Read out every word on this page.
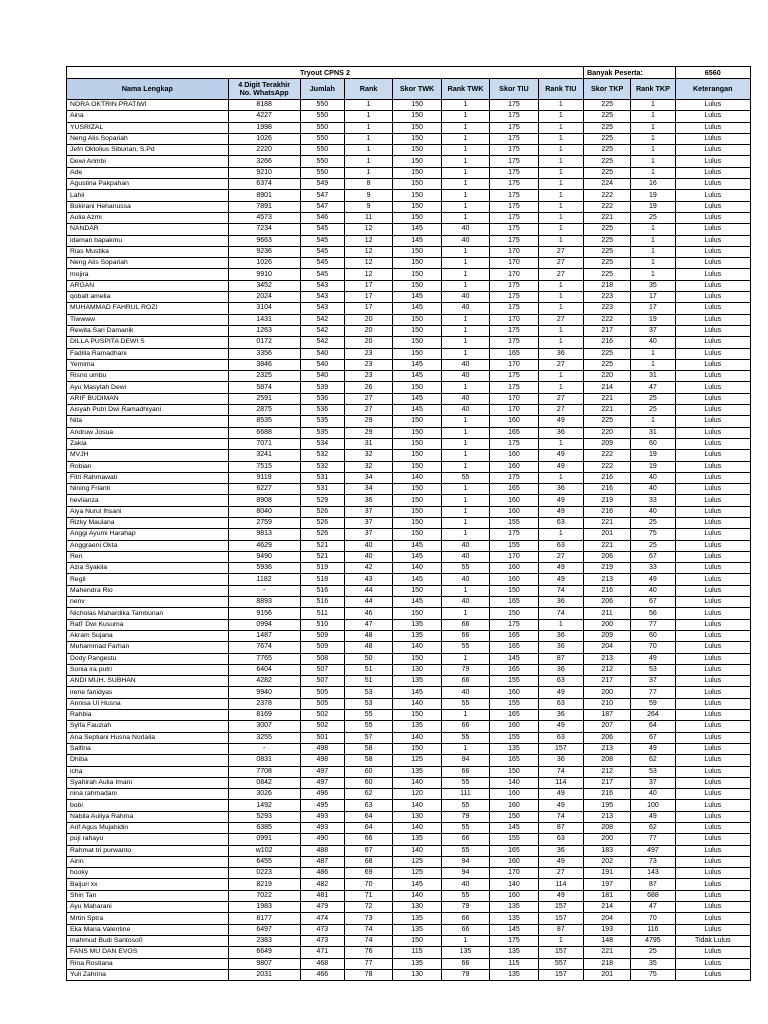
Tryout CPNS 2								Banyak Peserta:		6560
Nama Lengkap	4 Digit Terakhir No. WhatsApp	Jumlah	Rank	Skor TWK	Rank TWK	Skor TIU	Rank TIU	Skor TKP	Rank TKP	Keterangan
NORA OKTRIN PRATIWI	8188	550	1	150	1	175	1	225	1	Lulus
Aina	4227	550	1	150	1	175	1	225	1	Lulus
YUSRIZAL	1998	550	1	150	1	175	1	225	1	Lulus
Neng Alis Sopariah	1026	550	1	150	1	175	1	225	1	Lulus
Jefri Oktolius Siburian, S.Pd	2220	550	1	150	1	175	1	225	1	Lulus
Dewi Arimbi	3266	550	1	150	1	175	1	225	1	Lulus
Ade	9210	550	1	150	1	175	1	225	1	Lulus
Agustina Pakpahan	6374	549	8	150	1	175	1	224	16	Lulus
Lahii	8901	547	9	150	1	175	1	222	19	Lulus
Bokirani Hehanussa	7891	547	9	150	1	175	1	222	19	Lulus
Aulia Azmi	4573	546	11	150	1	175	1	221	25	Lulus
NANDAR	7234	545	12	145	40	175	1	225	1	Lulus
idaman bapakmu	9663	545	12	145	40	175	1	225	1	Lulus
Rias Mustika	9236	545	12	150	1	170	27	225	1	Lulus
Neng Alis Sopariah	1026	545	12	150	1	170	27	225	1	Lulus
mojira	9910	545	12	150	1	170	27	225	1	Lulus
ARGAN	3452	543	17	150	1	175	1	218	35	Lulus
qobalt amelia	2024	543	17	145	40	175	1	223	17	Lulus
MUHAMMAD FAHRUL ROZI	3104	543	17	145	40	175	1	223	17	Lulus
Tiwwww	1431	542	20	150	1	170	27	222	19	Lulus
Rewita Sari Damanik	1263	542	20	150	1	175	1	217	37	Lulus
DILLA PUSPITA DEWI S	0172	542	20	150	1	175	1	216	40	Lulus
Fadilla Ramadhani	3356	540	23	150	1	165	36	225	1	Lulus
Yemima	3846	540	23	145	40	170	27	225	1	Lulus
Risno umbu	2325	540	23	145	40	175	1	220	31	Lulus
Ayu Masytah Dewi	5874	539	26	150	1	175	1	214	47	Lulus
ARIF BUDIMAN	2591	536	27	145	40	170	27	221	25	Lulus
Aisyah Putri Dwi Ramadhiyani	2875	536	27	145	40	170	27	221	25	Lulus
Nita	8535	535	29	150	1	160	49	225	1	Lulus
Andruw Josua	6688	535	29	150	1	165	36	220	31	Lulus
Zakia	7071	534	31	150	1	175	1	209	60	Lulus
MVJH	3241	532	32	150	1	160	49	222	19	Lulus
Robian	7515	532	32	150	1	160	49	222	19	Lulus
Fitri Rahmawati	9119	531	34	140	55	175	1	216	40	Lulus
Nining Frianti	6227	531	34	150	1	165	36	216	40	Lulus
hevlianza	8908	529	36	150	1	160	49	219	33	Lulus
Aiya Nurul Ihsani	8040	526	37	150	1	160	49	216	40	Lulus
Rizky Maulana	2759	526	37	150	1	155	63	221	25	Lulus
Anggi Ayumi Harahap	9813	526	37	150	1	175	1	201	75	Lulus
Anggraeni Okta	4629	521	40	145	40	155	63	221	25	Lulus
Ren	9490	521	40	145	40	170	27	206	67	Lulus
Azia Syakila	5936	519	42	140	55	160	49	219	33	Lulus
Regil	1182	518	43	145	40	160	49	213	49	Lulus
Mahendra Rio	-	516	44	150	1	150	74	216	40	Lulus
nenv	8893	516	44	145	40	165	36	206	67	Lulus
Nicholas Mahardika Tambunan	9156	511	46	150	1	150	74	211	56	Lulus
Rafi' Dwi Kusuma	0994	510	47	135	66	175	1	200	77	Lulus
Akram Sujana	1487	509	48	135	66	165	36	209	60	Lulus
Muhammad Farhan	7674	509	48	140	55	165	36	204	70	Lulus
Dody Pangestu	7765	508	50	150	1	145	87	213	49	Lulus
Sonia ira putri	6404	507	51	130	79	165	36	212	53	Lulus
ANDI MUH. SUBHAN	4282	507	51	135	66	155	63	217	37	Lulus
irene fanidyas	9940	505	53	145	40	160	49	200	77	Lulus
Annisa Ul Husna	2378	505	53	140	55	155	63	210	59	Lulus
Rahbia	8169	502	55	150	1	165	36	187	264	Lulus
Sylfa Fauziah	3007	502	55	135	66	160	49	207	64	Lulus
Ana Septiani Husna Norlaila	3255	501	57	140	55	155	63	206	67	Lulus
Salfina	-	498	58	150	1	135	157	213	49	Lulus
Dhiba	0831	498	58	125	94	165	36	208	62	Lulus
icha	7708	497	60	135	66	150	74	212	53	Lulus
Syahirah Aulia Imani	0842	497	60	140	55	140	114	217	37	Lulus
nina rahmadani	3026	496	62	120	111	160	49	216	40	Lulus
bobi	1492	495	63	140	55	160	49	195	100	Lulus
Nabila Auliya Rahma	5293	493	64	130	79	150	74	213	49	Lulus
Arif Agus Mujahidin	6385	493	64	140	55	145	87	208	62	Lulus
puji rahayu	0991	490	66	135	66	155	63	200	77	Lulus
Rahmat tri purwanto	w102	488	67	140	55	165	36	183	497	Lulus
Airin	6455	487	68	125	94	160	49	202	73	Lulus
hooky	0223	486	69	125	94	170	27	191	143	Lulus
Baijuri xx	8219	482	70	145	40	140	114	197	87	Lulus
Shin Tan	7022	481	71	140	55	160	49	181	688	Lulus
Ayu Maharani	1983	479	72	130	79	135	157	214	47	Lulus
Mrtin Sptra	8177	474	73	135	66	135	157	204	70	Lulus
Eka Maria Valentine	6497	473	74	135	66	145	87	193	116	Lulus
mahmud Budi Santoso0	2383	473	74	150	1	175	1	148	4795	Tidak Lulus
FANS MU DAN EVOS	6649	471	76	115	135	135	157	221	25	Lulus
Rina Rostiana	9807	468	77	135	66	115	557	218	35	Lulus
Yuli Zahrina	2031	466	78	130	79	135	157	201	75	Lulus
